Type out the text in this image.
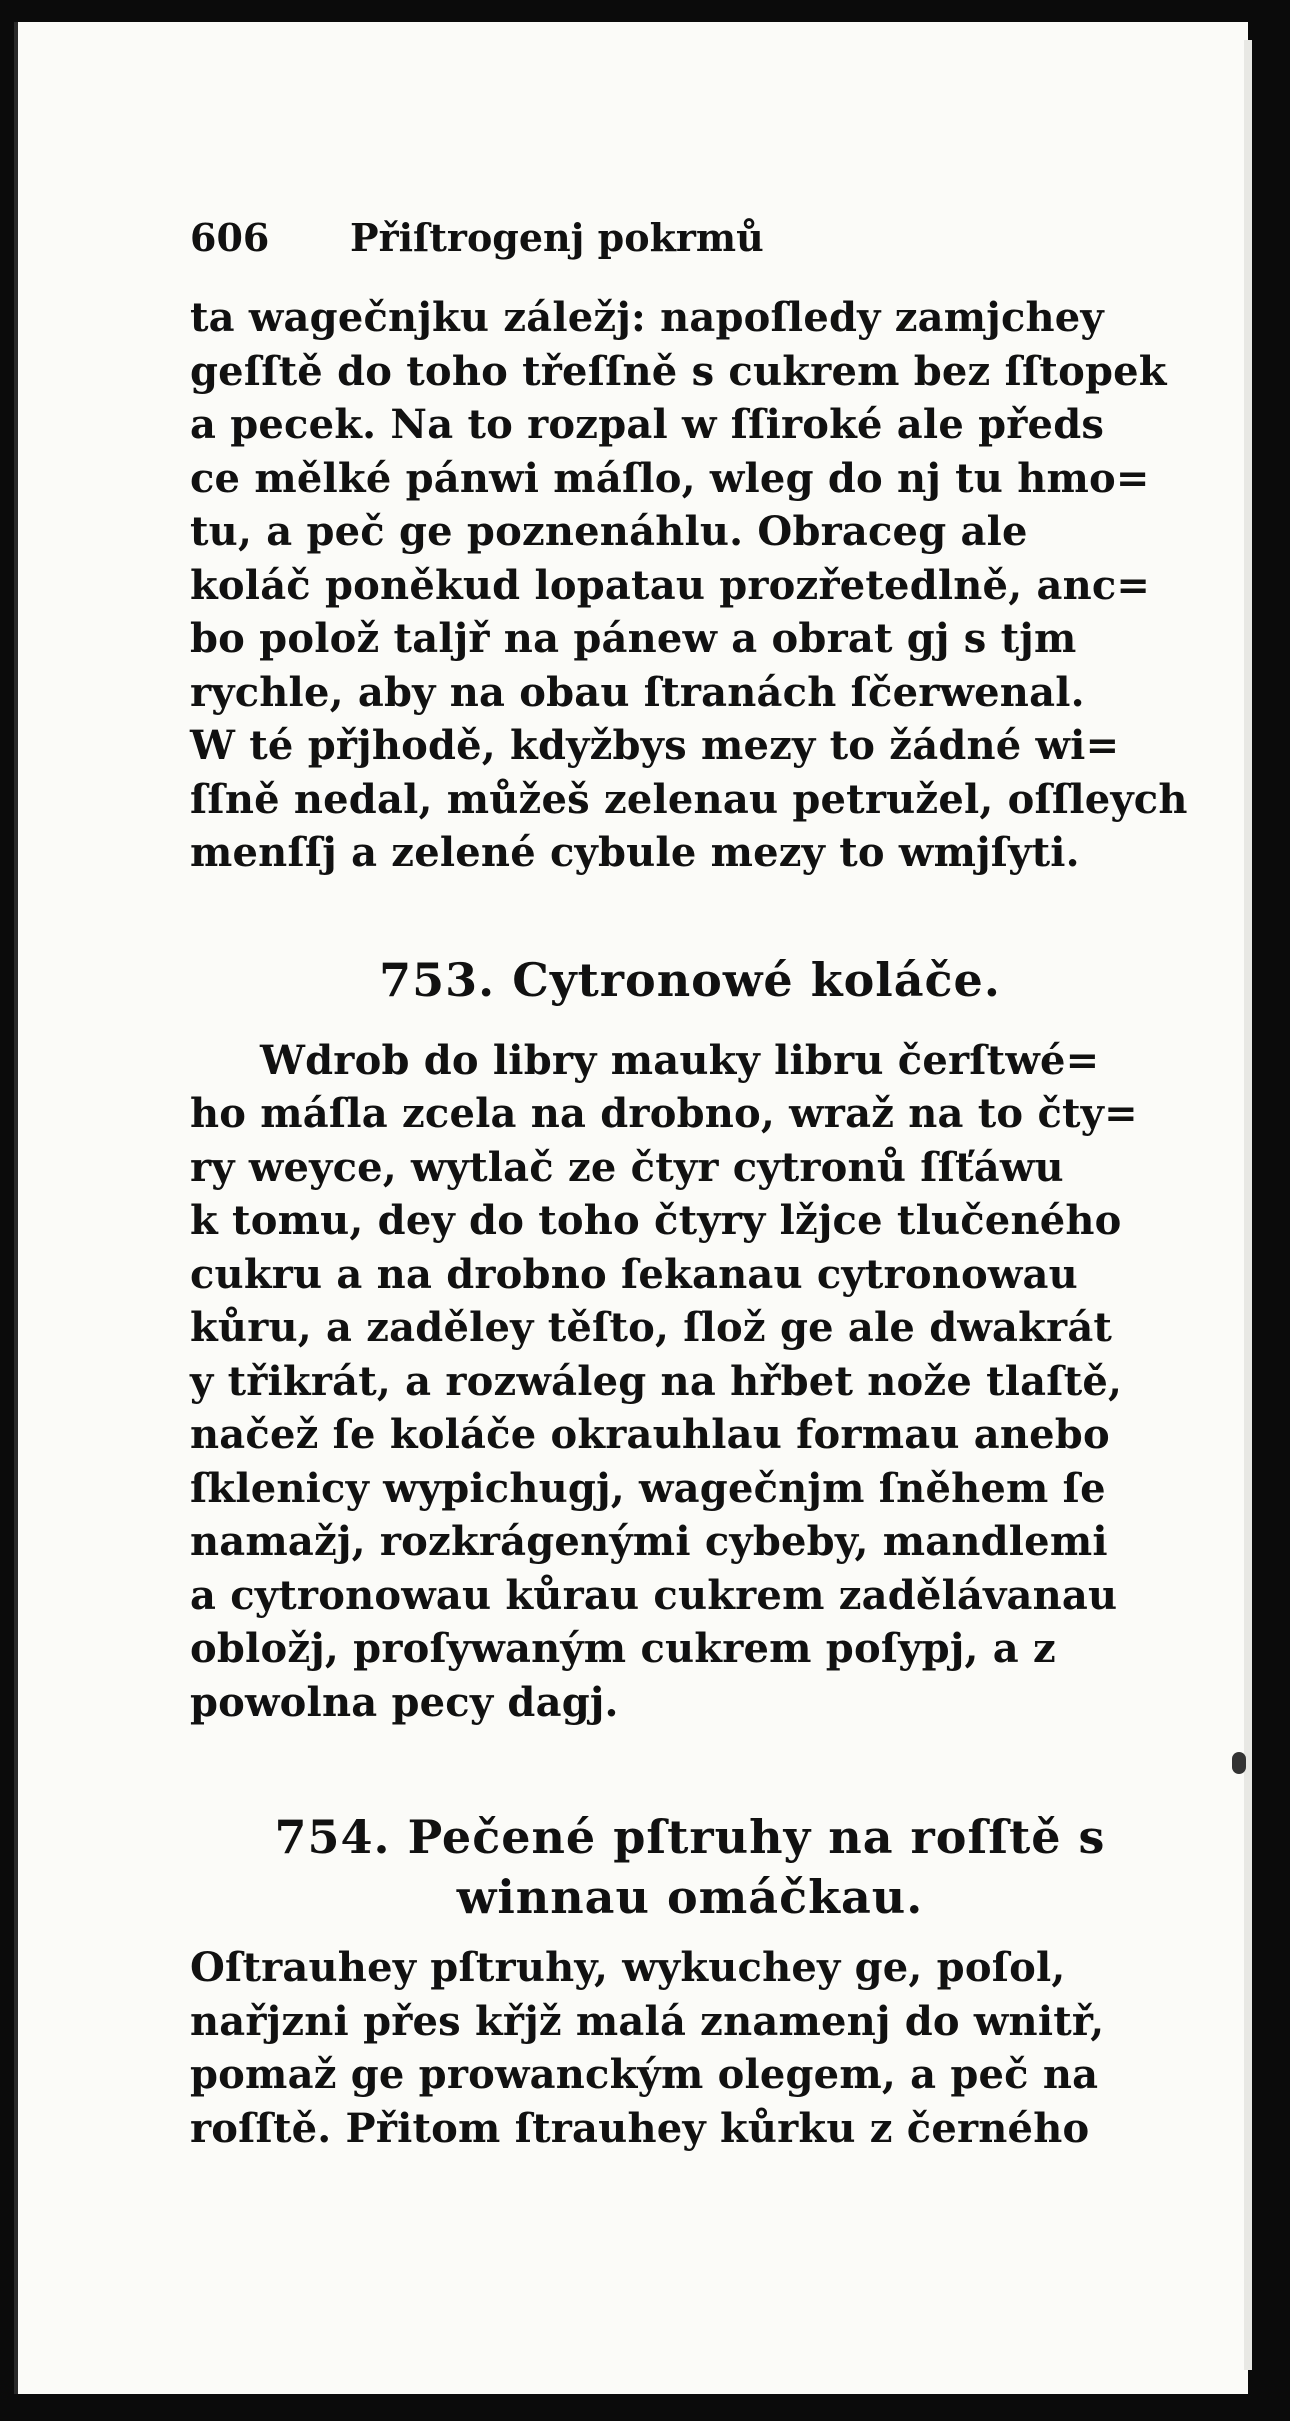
606	Přiſtrogenj pokrmů
ta wagečnjku záležj: napoſledy zamjchey
geſſtě do toho třeſſně s cukrem bez ſſtopek
a pecek. Na to rozpal w ſſiroké ale předs
ce mělké pánwi máſlo, wleg do nj tu hmo=
tu, a peč ge poznenáhlu. Obraceg ale
koláč poněkud lopatau prozřetedlně, anc=
bo polož taljř na pánew a obrat gj s tjm
rychle, aby na obau ſtranách ſčerwenal.
W té přjhodě, kdyžbys mezy to žádné wi=
ſſně nedal, můžeš zelenau petružel, oſſleych
menſſj a zelené cybule mezy to wmjſyti.
753. Cytronowé koláče.
Wdrob do libry mauky libru čerſtwé=
ho máſla zcela na drobno, wraž na to čty=
ry weyce, wytlač ze čtyr cytronů ſſťáwu
k tomu, dey do toho čtyry lžjce tlučeného
cukru a na drobno ſekanau cytronowau
kůru, a zaděley těſto, ſlož ge ale dwakrát
y třikrát, a rozwáleg na hřbet nože tlaſtě,
načež ſe koláče okrauhlau formau anebo
ſklenicy wypichugj, wagečnjm ſněhem ſe
namažj, rozkrágenými cybeby, mandlemi
a cytronowau kůrau cukrem zadělávanau
obložj, proſywaným cukrem poſypj, a z
powolna pecy dagj.
754. Pečené pſtruhy na roſſtě s
winnau omáčkau.
Oſtrauhey pſtruhy, wykuchey ge, poſol,
nařjzni přes křjž malá znamenj do wnitř,
pomaž ge prowanckým olegem, a peč na
roſſtě. Přitom ſtrauhey kůrku z černého
